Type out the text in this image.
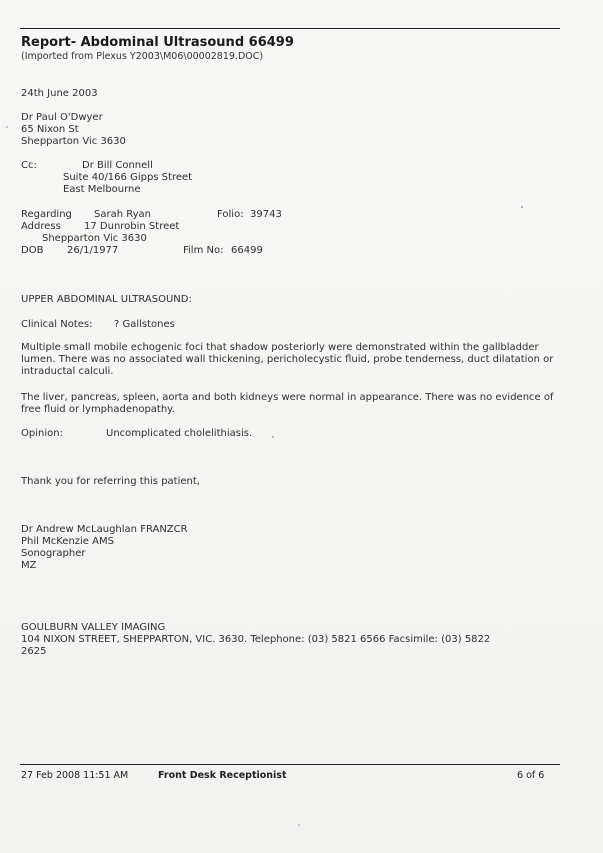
Report- Abdominal Ultrasound 66499
(Imported from Plexus Y2003\M06\00002819.DOC)
24th June 2003
Dr Paul O'Dwyer
65 Nixon St
Shepparton Vic 3630
Cc:	Dr Bill Connell
Suite 40/166 Gipps Street
East Melbourne
Regarding Sarah Ryan	Folio: 39743
Address 17 Dunrobin Street
Shepparton Vic 3630
DOB 26/1/1977	Film No: 66499
UPPER ABDOMINAL ULTRASOUND:
Clinical Notes: ? Gallstones
Multiple small mobile echogenic foci that shadow posteriorly were demonstrated within the gallbladder lumen. There was no associated wall thickening, pericholecystic fluid, probe tenderness, duct dilatation or intraductal calculi.
The liver, pancreas, spleen, aorta and both kidneys were normal in appearance. There was no evidence of free fluid or lymphadenopathy.
Opinion:	Uncomplicated cholelithiasis.
Thank you for referring this patient,
Dr Andrew McLaughlan FRANZCR
Phil McKenzie AMS
Sonographer
MZ
GOULBURN VALLEY IMAGING
104 NIXON STREET, SHEPPARTON, VIC. 3630. Telephone: (03) 5821 6566 Facsimile: (03) 5822
2625
27 Feb 2008 11:51 AM	Front Desk Receptionist	6 of 6
